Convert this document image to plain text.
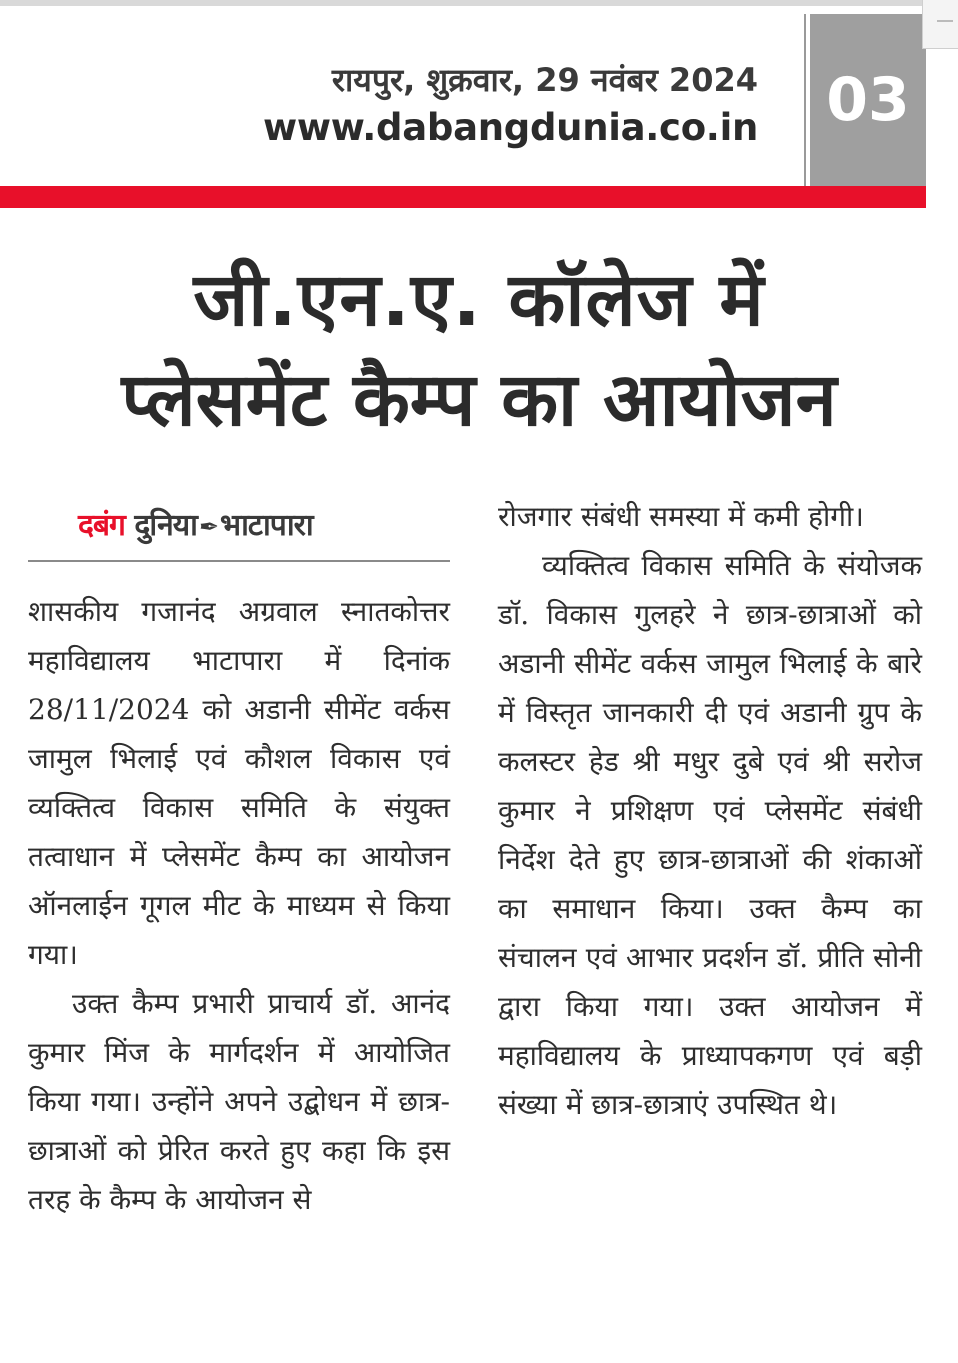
रायपुर, शुक्रवार, 29 नवंबर 2024
www.dabangdunia.co.in 03
जी.एन.ए. कॉलेज में
प्लेसमेंट कैम्प का आयोजन
दबंग दुनिया✒भाटापारा

शासकीय गजानंद अग्रवाल स्नातकोत्तर महाविद्यालय भाटापारा में दिनांक 28/11/2024 को अडानी सीमेंट वर्कस जामुल भिलाई एवं कौशल विकास एवं व्यक्तित्व विकास समिति के संयुक्त तत्वाधान में प्लेसमेंट कैम्प का आयोजन ऑनलाईन गूगल मीट के माध्यम से किया गया।

उक्त कैम्प प्रभारी प्राचार्य डॉ. आनंद कुमार मिंज के मार्गदर्शन में आयोजित किया गया। उन्होंने अपने उद्बोधन में छात्र-छात्राओं को प्रेरित करते हुए कहा कि इस तरह के कैम्प के आयोजन से

रोजगार संबंधी समस्या में कमी होगी।

व्यक्तित्व विकास समिति के संयोजक डॉ. विकास गुलहरे ने छात्र-छात्राओं को अडानी सीमेंट वर्कस जामुल भिलाई के बारे में विस्तृत जानकारी दी एवं अडानी ग्रुप के कलस्टर हेड श्री मधुर दुबे एवं श्री सरोज कुमार ने प्रशिक्षण एवं प्लेसमेंट संबंधी निर्देश देते हुए छात्र-छात्राओं की शंकाओं का समाधान किया। उक्त कैम्प का संचालन एवं आभार प्रदर्शन डॉ. प्रीति सोनी द्वारा किया गया। उक्त आयोजन में महाविद्यालय के प्राध्यापकगण एवं बड़ी संख्या में छात्र-छात्राएं उपस्थित थे।
